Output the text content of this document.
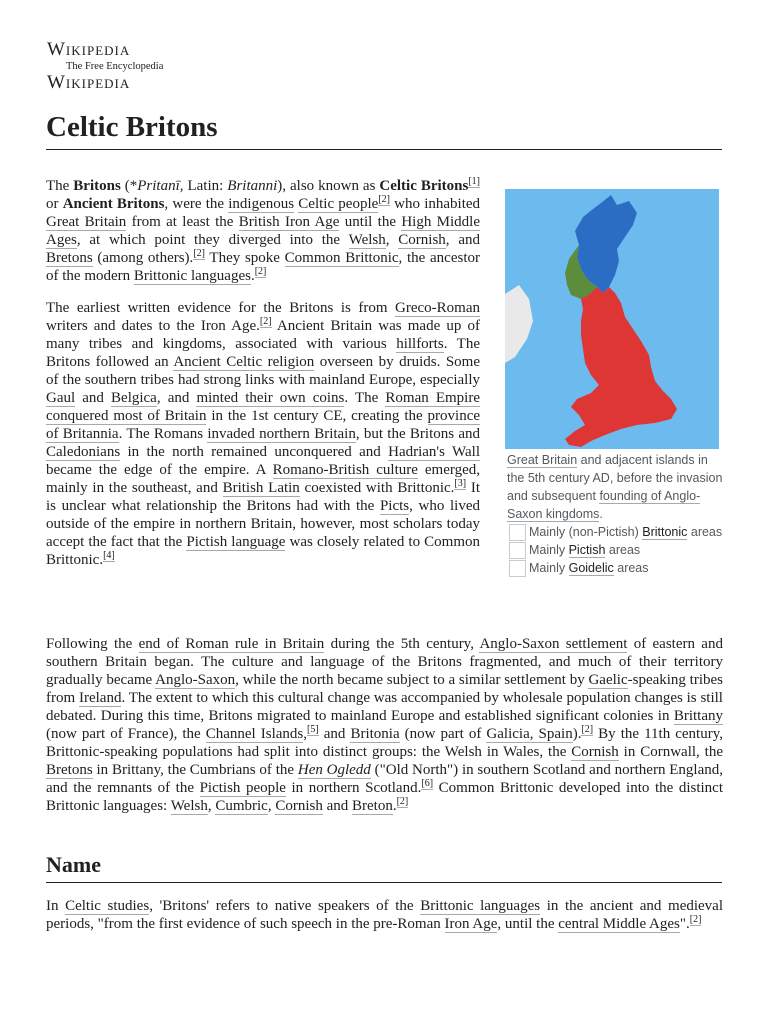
Wikipedia
The Free Encyclopedia
Wikipedia
Celtic Britons

The Britons (*Pritanī, Latin: Britanni), also known as Celtic Britons[1] or Ancient Britons, were the indigenous Celtic people[2] who inhabited Great Britain from at least the British Iron Age until the High Middle Ages, at which point they diverged into the Welsh, Cornish, and Bretons (among others).[2] They spoke Common Brittonic, the ancestor of the modern Brittonic languages.[2]

The earliest written evidence for the Britons is from Greco-Roman writers and dates to the Iron Age.[2] Ancient Britain was made up of many tribes and kingdoms, associated with various hillforts. The Britons followed an Ancient Celtic religion overseen by druids. Some of the southern tribes had strong links with mainland Europe, especially Gaul and Belgica, and minted their own coins. The Roman Empire conquered most of Britain in the 1st century CE, creating the province of Britannia. The Romans invaded northern Britain, but the Britons and Caledonians in the north remained unconquered and Hadrian's Wall became the edge of the empire. A Romano-British culture emerged, mainly in the southeast, and British Latin coexisted with Brittonic.[3] It is unclear what relationship the Britons had with the Picts, who lived outside of the empire in northern Britain, however, most scholars today accept the fact that the Pictish language was closely related to Common Brittonic.[4]

Great Britain and adjacent islands in the 5th century AD, before the invasion and subsequent founding of Anglo-Saxon kingdoms.
Mainly (non-Pictish) Brittonic areas
Mainly Pictish areas
Mainly Goidelic areas

Following the end of Roman rule in Britain during the 5th century, Anglo-Saxon settlement of eastern and southern Britain began. The culture and language of the Britons fragmented, and much of their territory gradually became Anglo-Saxon, while the north became subject to a similar settlement by Gaelic-speaking tribes from Ireland. The extent to which this cultural change was accompanied by wholesale population changes is still debated. During this time, Britons migrated to mainland Europe and established significant colonies in Brittany (now part of France), the Channel Islands,[5] and Britonia (now part of Galicia, Spain).[2] By the 11th century, Brittonic-speaking populations had split into distinct groups: the Welsh in Wales, the Cornish in Cornwall, the Bretons in Brittany, the Cumbrians of the Hen Ogledd ("Old North") in southern Scotland and northern England, and the remnants of the Pictish people in northern Scotland.[6] Common Brittonic developed into the distinct Brittonic languages: Welsh, Cumbric, Cornish and Breton.[2]

Name

In Celtic studies, 'Britons' refers to native speakers of the Brittonic languages in the ancient and medieval periods, "from the first evidence of such speech in the pre-Roman Iron Age, until the central Middle Ages".[2]
